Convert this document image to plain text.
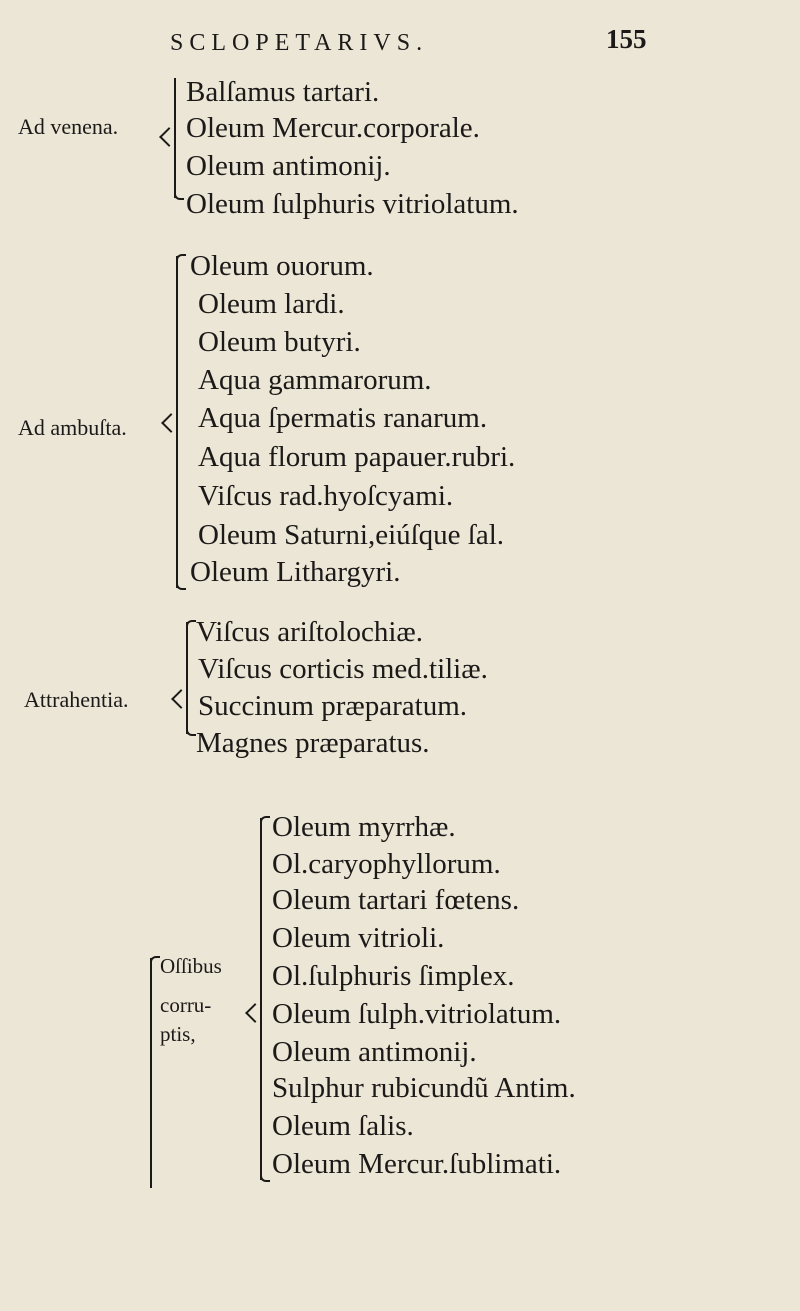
SCLOPETARIVS.	155
Ad venena.
Balſamus tartari.
Oleum Mercur.corporale.
Oleum antimonij.
Oleum ſulphuris vitriolatum.
Ad ambuſta.
Oleum ouorum.
Oleum lardi.
Oleum butyri.
Aqua gammarorum.
Aqua ſpermatis ranarum.
Aqua florum papauer.rubri.
Viſcus rad.hyoſcyami.
Oleum Saturni,eiúſque ſal.
Oleum Lithargyri.
Attrahentia.
Viſcus ariſtolochiæ.
Viſcus corticis med.tiliæ.
Succinum præparatum.
Magnes præparatus.
Oſſibus
corru-
ptis,
Oleum myrrhæ.
Ol.caryophyllorum.
Oleum tartari fœtens.
Oleum vitrioli.
Ol.ſulphuris ſimplex.
Oleum ſulph.vitriolatum.
Oleum antimonij.
Sulphur rubicundũ Antim.
Oleum ſalis.
Oleum Mercur.ſublimati.
